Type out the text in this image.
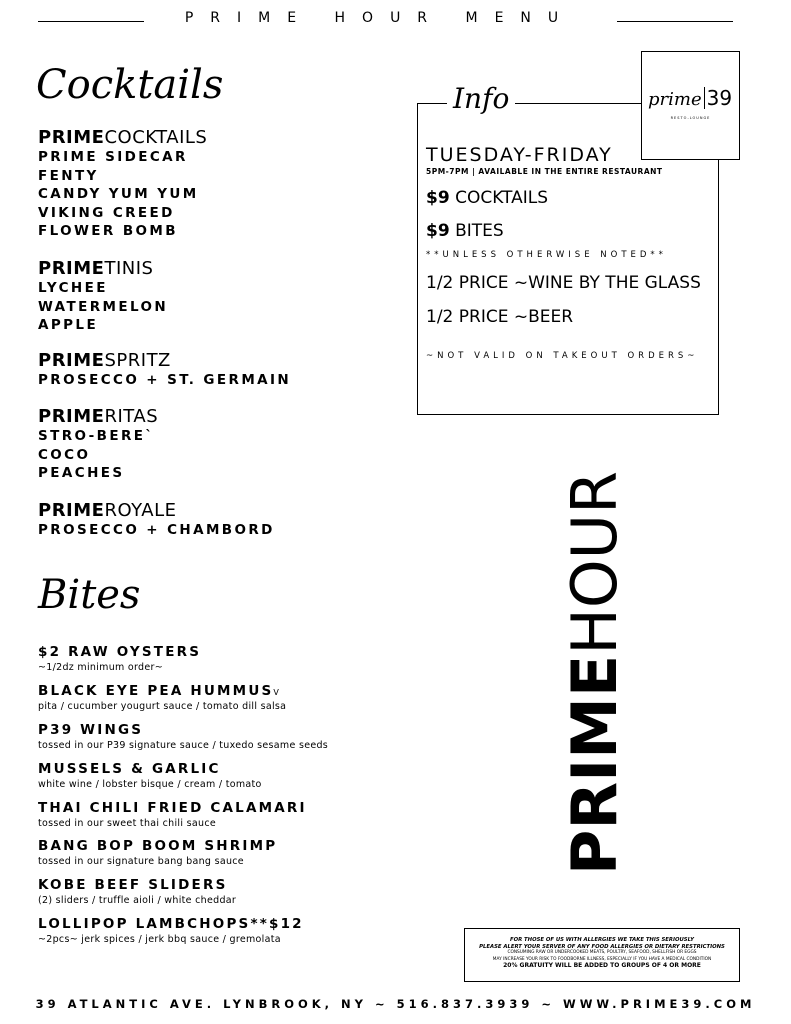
PRIME HOUR MENU
Cocktails
PRIMECOCKTAILS
PRIME SIDECAR
FENTY
CANDY YUM YUM
VIKING CREED
FLOWER BOMB
PRIMETINIS
LYCHEE
WATERMELON
APPLE
PRIMESPRITZ
PROSECCO + ST. GERMAIN
PRIMERITAS
STRO-BERE`
COCO
PEACHES
PRIMEROYALE
PROSECCO + CHAMBORD
Bites
$2 RAW OYSTERS
~1/2dz minimum order~
BLACK EYE PEA HUMMUSV
pita / cucumber yougurt sauce / tomato dill salsa
P39 WINGS
tossed in our P39 signature sauce / tuxedo sesame seeds
MUSSELS & GARLIC
white wine / lobster bisque / cream / tomato
THAI CHILI FRIED CALAMARI
tossed in our sweet thai chili sauce
BANG BOP BOOM SHRIMP
tossed in our signature bang bang sauce
KOBE BEEF SLIDERS
(2) sliders / truffle aioli / white cheddar
LOLLIPOP LAMBCHOPS**$12
~2pcs~ jerk spices / jerk bbq sauce / gremolata
TUESDAY-FRIDAY
5PM-7PM | AVAILABLE IN THE ENTIRE RESTAURANT
$9 COCKTAILS
$9 BITES
**UNLESS OTHERWISE NOTED**
1/2 PRICE ~WINE BY THE GLASS
1/2 PRICE ~BEER
~NOT VALID ON TAKEOUT ORDERS~
Info	prime 39
RESTO-LOUNGE
PRIMEHOUR
FOR THOSE OF US WITH ALLERGIES WE TAKE THIS SERIOUSLY
PLEASE ALERT YOUR SERVER OF ANY FOOD ALLERGIES OR DIETARY RESTRICTIONS
CONSUMING RAW OR UNDERCOOKED MEATS, POULTRY, SEAFOOD, SHELLFISH OR EGGS
MAY INCREASE YOUR RISK TO FOODBORNE ILLNESS, ESPECIALLY IF YOU HAVE A MEDICAL CONDITION
20% GRATUITY WILL BE ADDED TO GROUPS OF 4 OR MORE
39 ATLANTIC AVE. LYNBROOK, NY ~ 516.837.3939 ~ WWW.PRIME39.COM
